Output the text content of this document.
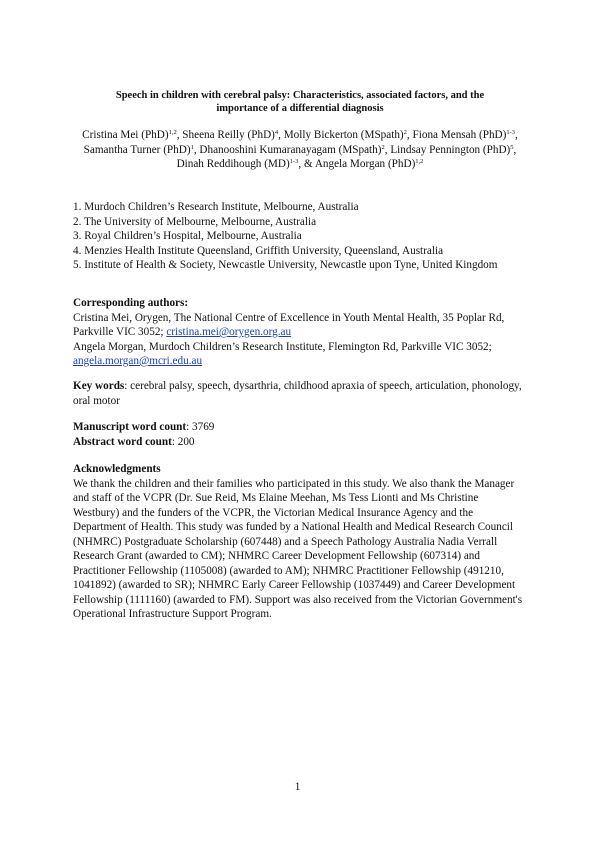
Speech in children with cerebral palsy: Characteristics, associated factors, and the
importance of a differential diagnosis
Cristina Mei (PhD)$^{1,2}$, Sheena Reilly (PhD)$^4$, Molly Bickerton (MSpath)$^2$, Fiona Mensah (PhD)$^{1-3}$, Samantha Turner (PhD)$^1$, Dhanooshini Kumaranayagam (MSpath)$^2$, Lindsay Pennington (PhD)$^5$, Dinah Reddihough (MD)$^{1-3}$, & Angela Morgan (PhD)$^{1,2}$
1. Murdoch Children’s Research Institute, Melbourne, Australia
2. The University of Melbourne, Melbourne, Australia
3. Royal Children’s Hospital, Melbourne, Australia
4. Menzies Health Institute Queensland, Griffith University, Queensland, Australia
5. Institute of Health & Society, Newcastle University, Newcastle upon Tyne, United Kingdom
Corresponding authors:
Cristina Mei, Orygen, The National Centre of Excellence in Youth Mental Health, 35 Poplar Rd, Parkville VIC 3052; cristina.mei@orygen.org.au
Angela Morgan, Murdoch Children’s Research Institute, Flemington Rd, Parkville VIC 3052; angela.morgan@mcri.edu.au
Key words: cerebral palsy, speech, dysarthria, childhood apraxia of speech, articulation, phonology, oral motor
Manuscript word count: 3769
Abstract word count: 200
Acknowledgments
We thank the children and their families who participated in this study. We also thank the Manager and staff of the VCPR (Dr. Sue Reid, Ms Elaine Meehan, Ms Tess Lionti and Ms Christine Westbury) and the funders of the VCPR, the Victorian Medical Insurance Agency and the Department of Health. This study was funded by a National Health and Medical Research Council (NHMRC) Postgraduate Scholarship (607448) and a Speech Pathology Australia Nadia Verrall Research Grant (awarded to CM); NHMRC Career Development Fellowship (607314) and Practitioner Fellowship (1105008) (awarded to AM); NHMRC Practitioner Fellowship (491210, 1041892) (awarded to SR); NHMRC Early Career Fellowship (1037449) and Career Development Fellowship (1111160) (awarded to FM). Support was also received from the Victorian Government's Operational Infrastructure Support Program.
1
